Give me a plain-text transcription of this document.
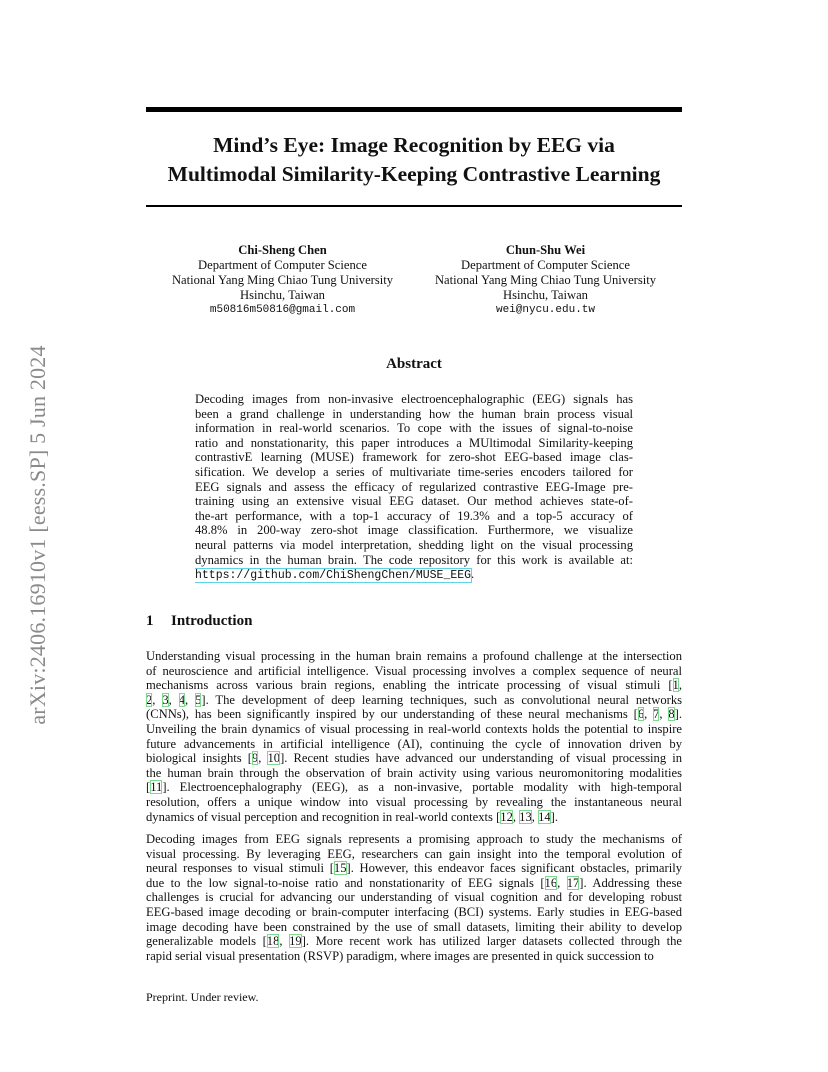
Mind’s Eye: Image Recognition by EEG via
Multimodal Similarity-Keeping Contrastive Learning
Chi-Sheng Chen
Department of Computer Science
National Yang Ming Chiao Tung University
Hsinchu, Taiwan
m50816m50816@gmail.com
Chun-Shu Wei
Department of Computer Science
National Yang Ming Chiao Tung University
Hsinchu, Taiwan
wei@nycu.edu.tw
arXiv:2406.16910v1 [eess.SP] 5 Jun 2024	Abstract
Decoding images from non-invasive electroencephalographic (EEG) signals has
been a grand challenge in understanding how the human brain process visual
information in real-world scenarios. To cope with the issues of signal-to-noise
ratio and nonstationarity, this paper introduces a MUltimodal Similarity-keeping
contrastivE learning (MUSE) framework for zero-shot EEG-based image clas-
sification. We develop a series of multivariate time-series encoders tailored for
EEG signals and assess the efficacy of regularized contrastive EEG-Image pre-
training using an extensive visual EEG dataset. Our method achieves state-of-
the-art performance, with a top-1 accuracy of 19.3% and a top-5 accuracy of
48.8% in 200-way zero-shot image classification. Furthermore, we visualize
neural patterns via model interpretation, shedding light on the visual processing
dynamics in the human brain. The code repository for this work is available at:
https://github.com/ChiShengChen/MUSE_EEG.
1 Introduction
Understanding visual processing in the human brain remains a profound challenge at the intersection
of neuroscience and artificial intelligence. Visual processing involves a complex sequence of neural
mechanisms across various brain regions, enabling the intricate processing of visual stimuli [1,
2, 3, 4, 5]. The development of deep learning techniques, such as convolutional neural networks
(CNNs), has been significantly inspired by our understanding of these neural mechanisms [6, 7, 8].
Unveiling the brain dynamics of visual processing in real-world contexts holds the potential to inspire
future advancements in artificial intelligence (AI), continuing the cycle of innovation driven by
biological insights [9, 10]. Recent studies have advanced our understanding of visual processing in
the human brain through the observation of brain activity using various neuromonitoring modalities
[11]. Electroencephalography (EEG), as a non-invasive, portable modality with high-temporal
resolution, offers a unique window into visual processing by revealing the instantaneous neural
dynamics of visual perception and recognition in real-world contexts [12, 13, 14].
Decoding images from EEG signals represents a promising approach to study the mechanisms of
visual processing. By leveraging EEG, researchers can gain insight into the temporal evolution of
neural responses to visual stimuli [15]. However, this endeavor faces significant obstacles, primarily
due to the low signal-to-noise ratio and nonstationarity of EEG signals [16, 17]. Addressing these
challenges is crucial for advancing our understanding of visual cognition and for developing robust
EEG-based image decoding or brain-computer interfacing (BCI) systems. Early studies in EEG-based
image decoding have been constrained by the use of small datasets, limiting their ability to develop
generalizable models [18, 19]. More recent work has utilized larger datasets collected through the
rapid serial visual presentation (RSVP) paradigm, where images are presented in quick succession to
Preprint. Under review.
